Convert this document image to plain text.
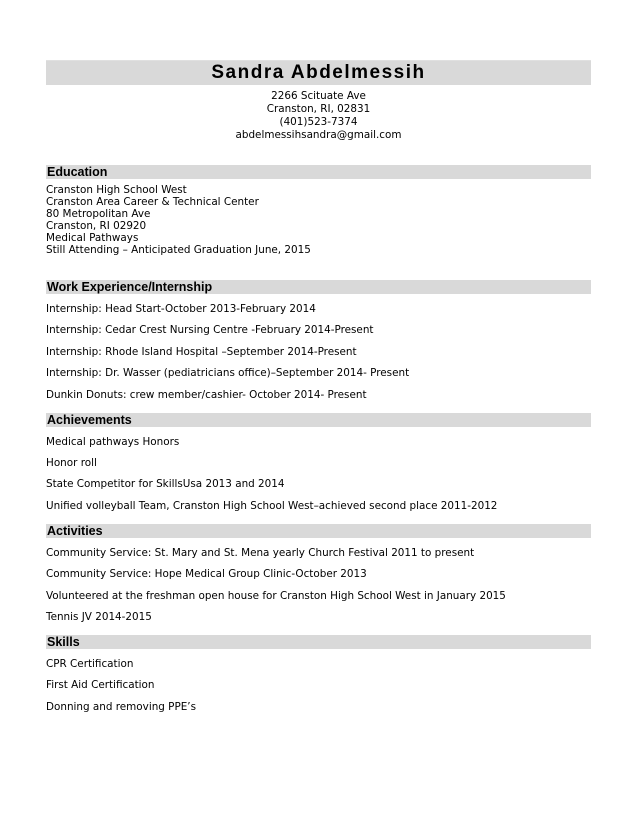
Sandra Abdelmessih
2266 Scituate Ave
Cranston, RI, 02831
(401)523-7374
abdelmessihsandra@gmail.com
Education
Cranston High School West
Cranston Area Career & Technical Center
80 Metropolitan Ave
Cranston, RI 02920
Medical Pathways
Still Attending – Anticipated Graduation June, 2015
Work Experience/Internship
Internship: Head Start-October 2013-February 2014
Internship: Cedar Crest Nursing Centre -February 2014-Present
Internship: Rhode Island Hospital –September 2014-Present
Internship: Dr. Wasser (pediatricians office)–September 2014- Present
Dunkin Donuts: crew member/cashier- October 2014- Present
Achievements
Medical pathways Honors
Honor roll
State Competitor for SkillsUsa 2013 and 2014
Unified volleyball Team, Cranston High School West–achieved second place 2011-2012
Activities
Community Service: St. Mary and St. Mena yearly Church Festival 2011 to present
Community Service: Hope Medical Group Clinic-October 2013
Volunteered at the freshman open house for Cranston High School West in January 2015
Tennis JV 2014-2015
Skills
CPR Certification
First Aid Certification
Donning and removing PPE’s
